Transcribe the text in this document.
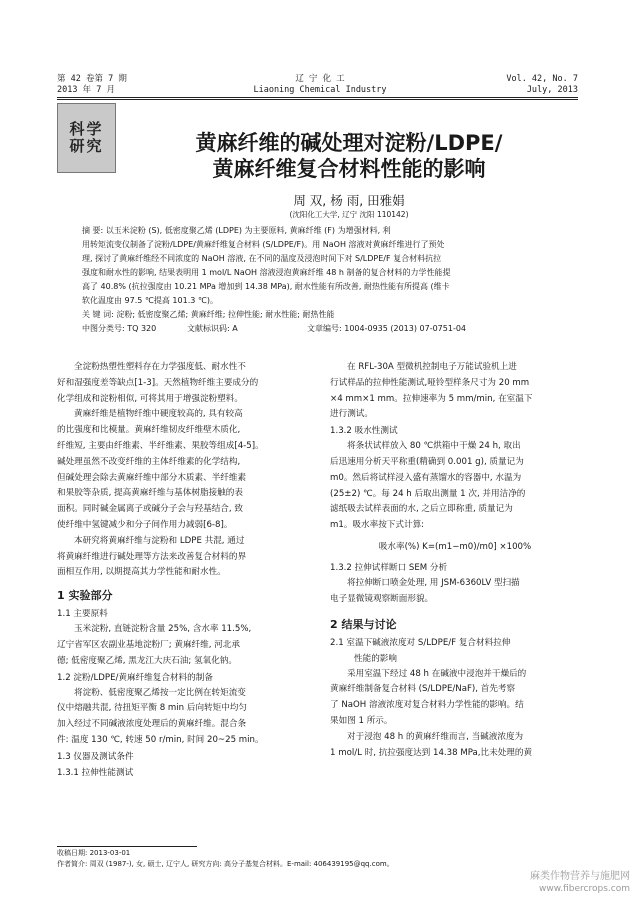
第 42 卷第 7 期
2013 年 7 月
辽 宁 化 工
Liaoning Chemical Industry
Vol. 42, No. 7
July, 2013
科学
研究	黄麻纤维的碱处理对淀粉/LDPE/
黄麻纤维复合材料性能的影响
周 双, 杨 雨, 田雅娟
(沈阳化工大学, 辽宁 沈阳 110142)

摘 要: 以玉米淀粉 (S), 低密度聚乙烯 (LDPE) 为主要原料, 黄麻纤维 (F) 为增强材料, 利

用转矩流变仪制备了淀粉/LDPE/黄麻纤维复合材料 (S/LDPE/F)。用 NaOH 溶液对黄麻纤维进行了预处

理, 探讨了黄麻纤维经不同浓度的 NaOH 溶液, 在不同的温度及浸泡时间下对 S/LDPE/F 复合材料抗拉

强度和耐水性的影响, 结果表明用 1 mol/L NaOH 溶液浸泡黄麻纤维 48 h 制备的复合材料的力学性能提

高了 40.8% (抗拉强度由 10.21 MPa 增加到 14.38 MPa), 耐水性能有所改善, 耐热性能有所提高 (维卡

软化温度由 97.5 ℃提高 101.3 ℃)。

关 键 词: 淀粉; 低密度聚乙烯; 黄麻纤维; 拉伸性能; 耐水性能; 耐热性能

中图分类号: TQ 320	文献标识码: A	文章编号: 1004-0935 (2013) 07-0751-04

全淀粉热塑性塑料存在力学强度低、耐水性不

好和湿强度差等缺点[1-3]。天然植物纤维主要成分的

化学组成和淀粉相似, 可将其用于增强淀粉塑料。

黄麻纤维是植物纤维中硬度较高的, 具有较高

的比强度和比模量。黄麻纤维韧皮纤维壁木质化,

纤维短, 主要由纤维素、半纤维素、果胶等组成[4-5]。

碱处理虽然不改变纤维的主体纤维素的化学结构,

但碱处理会除去黄麻纤维中部分木质素、半纤维素

和果胶等杂质, 提高黄麻纤维与基体树脂接触的表

面积。同时碱金属离子或碱分子会与羟基结合, 致

使纤维中氢键减少和分子间作用力减弱[6-8]。

本研究将黄麻纤维与淀粉和 LDPE 共混, 通过

将黄麻纤维进行碱处理等方法来改善复合材料的界

面相互作用, 以期提高其力学性能和耐水性。

1 实验部分

1.1 主要原料

玉米淀粉, 直链淀粉含量 25%, 含水率 11.5%,

辽宁省军区农副业基地淀粉厂; 黄麻纤维, 河北承

德; 低密度聚乙烯, 黑龙江大庆石油; 氢氧化钠。

1.2 淀粉/LDPE/黄麻纤维复合材料的制备

将淀粉、低密度聚乙烯按一定比例在转矩流变

仪中熔融共混, 待扭矩平衡 8 min 后向转矩中均匀

加入经过不同碱液浓度处理后的黄麻纤维。混合条

件: 温度 130 ℃, 转速 50 r/min, 时间 20~25 min。

1.3 仪器及测试条件

1.3.1 拉伸性能测试

在 RFL-30A 型微机控制电子万能试验机上进

行试样品的拉伸性能测试,哑铃型样条尺寸为 20 mm

×4 mm×1 mm。拉伸速率为 5 mm/min, 在室温下

进行测试。

1.3.2 吸水性测试

将条状试样放入 80 ℃烘箱中干燥 24 h, 取出

后迅速用分析天平称重(精确到 0.001 g), 质量记为

m0。然后将试样浸入盛有蒸馏水的容器中, 水温为

(25±2) ℃。每 24 h 后取出测量 1 次, 并用洁净的

滤纸吸去试样表面的水, 之后立即称重, 质量记为

m1。吸水率按下式计算:

吸水率(%) K=(m1−m0)/m0] ×100%

1.3.2 拉伸试样断口 SEM 分析

将拉伸断口喷金处理, 用 JSM-6360LV 型扫描

电子显微镜观察断面形貌。

2 结果与讨论

2.1 室温下碱液浓度对 S/LDPE/F 复合材料拉伸

性能的影响

采用室温下经过 48 h 在碱液中浸泡并干燥后的

黄麻纤维制备复合材料 (S/LDPE/NaF), 首先考察

了 NaOH 溶液浓度对复合材料力学性能的影响。结

果如图 1 所示。

对于浸泡 48 h 的黄麻纤维而言, 当碱液浓度为

1 mol/L 时, 抗拉强度达到 14.38 MPa,比未处理的黄

收稿日期: 2013-03-01
作者简介: 周双 (1987-), 女, 硕士, 辽宁人, 研究方向: 高分子基复合材料。E-mail: 406439195@qq.com。
麻类作物营养与施肥网
www.fibercrops.com
